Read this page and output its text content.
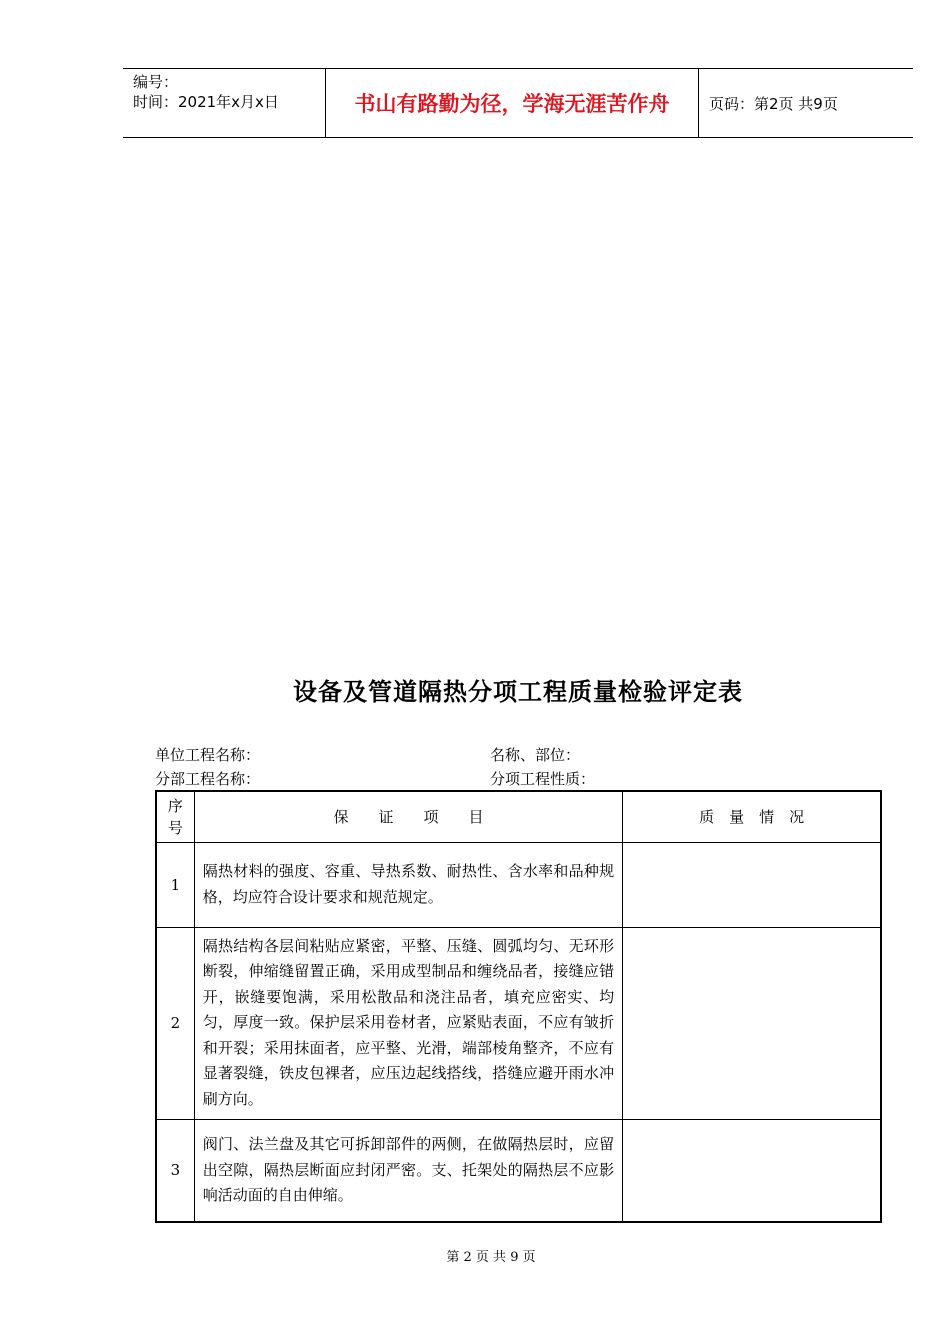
编号：
时间：2021年x月x日	书山有路勤为径，学海无涯苦作舟	页码：第2页 共9页
设备及管道隔热分项工程质量检验评定表
单位工程名称：	名称、部位：
分部工程名称：	分项工程性质：
序
号	保　　证　　项　　目	质　量　情　况
1	隔热材料的强度、容重、导热系数、耐热性、含水率和品种规格，均应符合设计要求和规范规定。	

2	隔热结构各层间粘贴应紧密，平整、压缝、圆弧均匀、无环形断裂，伸缩缝留置正确，采用成型制品和缠绕品者，接缝应错开，嵌缝要饱满，采用松散品和浇注品者，填充应密实、均匀，厚度一致。保护层采用卷材者，应紧贴表面，不应有皱折和开裂；采用抹面者，应平整、光滑，端部棱角整齐，不应有显著裂缝，铁皮包裸者，应压边起线搭线，搭缝应避开雨水冲刷方向。	

3	阀门、法兰盘及其它可拆卸部件的两侧，在做隔热层时，应留出空隙，隔热层断面应封闭严密。支、托架处的隔热层不应影响活动面的自由伸缩。	

第 2 页 共 9 页
